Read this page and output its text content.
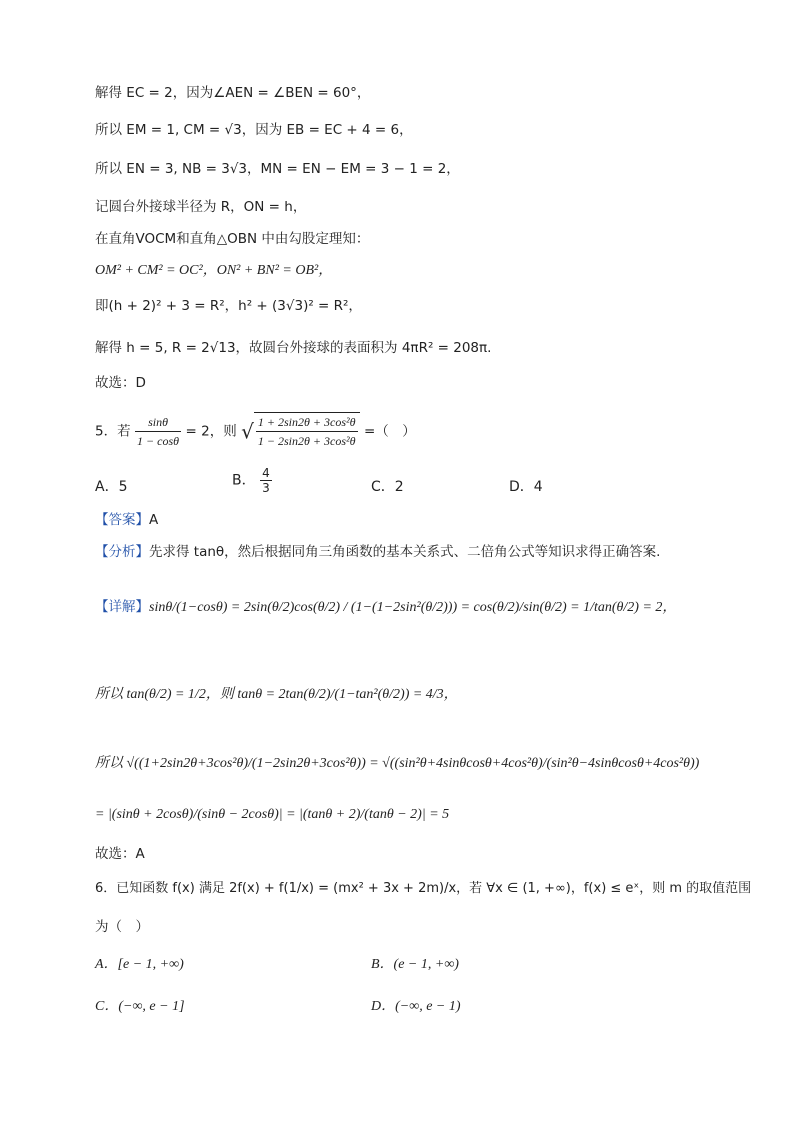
解得 EC = 2，因为∠AEN = ∠BEN = 60°，
所以 EM = 1, CM = √3，因为 EB = EC + 4 = 6，
所以 EN = 3, NB = 3√3，MN = EN − EM = 3 − 1 = 2，
记圆台外接球半径为 R，ON = h，
在直角VOCM和直角△OBN 中由勾股定理知：
OM² + CM² = OC²，ON² + BN² = OB²，
即(h + 2)² + 3 = R²，h² + (3√3)² = R²，
解得 h = 5, R = 2√13，故圆台外接球的表面积为 4πR² = 208π.
故选：D
5．若 $\frac{\sin\theta}{1 - \cos\theta} = 2$，则 √ $\frac{\text{1 + 2sin2θ + 3cos²θ}}{\text{1 − 2sin2θ + 3cos²θ}}$ =（　）
A．5	B． $\frac{4}{3}$	C．2	D．4
【答案】A
【分析】先求得 tanθ，然后根据同角三角函数的基本关系式、二倍角公式等知识求得正确答案.
【详解】sinθ/(1−cosθ) = 2sin(θ/2)cos(θ/2) / (1−(1−2sin²(θ/2))) = cos(θ/2)/sin(θ/2) = 1/tan(θ/2) = 2，
所以 tan(θ/2) = 1/2，则 tanθ = 2tan(θ/2)/(1−tan²(θ/2)) = 4/3，
所以 √((1+2sin2θ+3cos²θ)/(1−2sin2θ+3cos²θ)) = √((sin²θ+4sinθcosθ+4cos²θ)/(sin²θ−4sinθcosθ+4cos²θ))
= |(sinθ + 2cosθ)/(sinθ − 2cosθ)| = |(tanθ + 2)/(tanθ − 2)| = 5
故选：A
6．已知函数 f(x) 满足 2f(x) + f(1/x) = (mx² + 3x + 2m)/x，若 ∀x ∈ (1, +∞)，f(x) ≤ eˣ，则 m 的取值范围
为（　）
A．[e − 1, +∞)	B．(e − 1, +∞)
C．(−∞, e − 1]	D．(−∞, e − 1)
